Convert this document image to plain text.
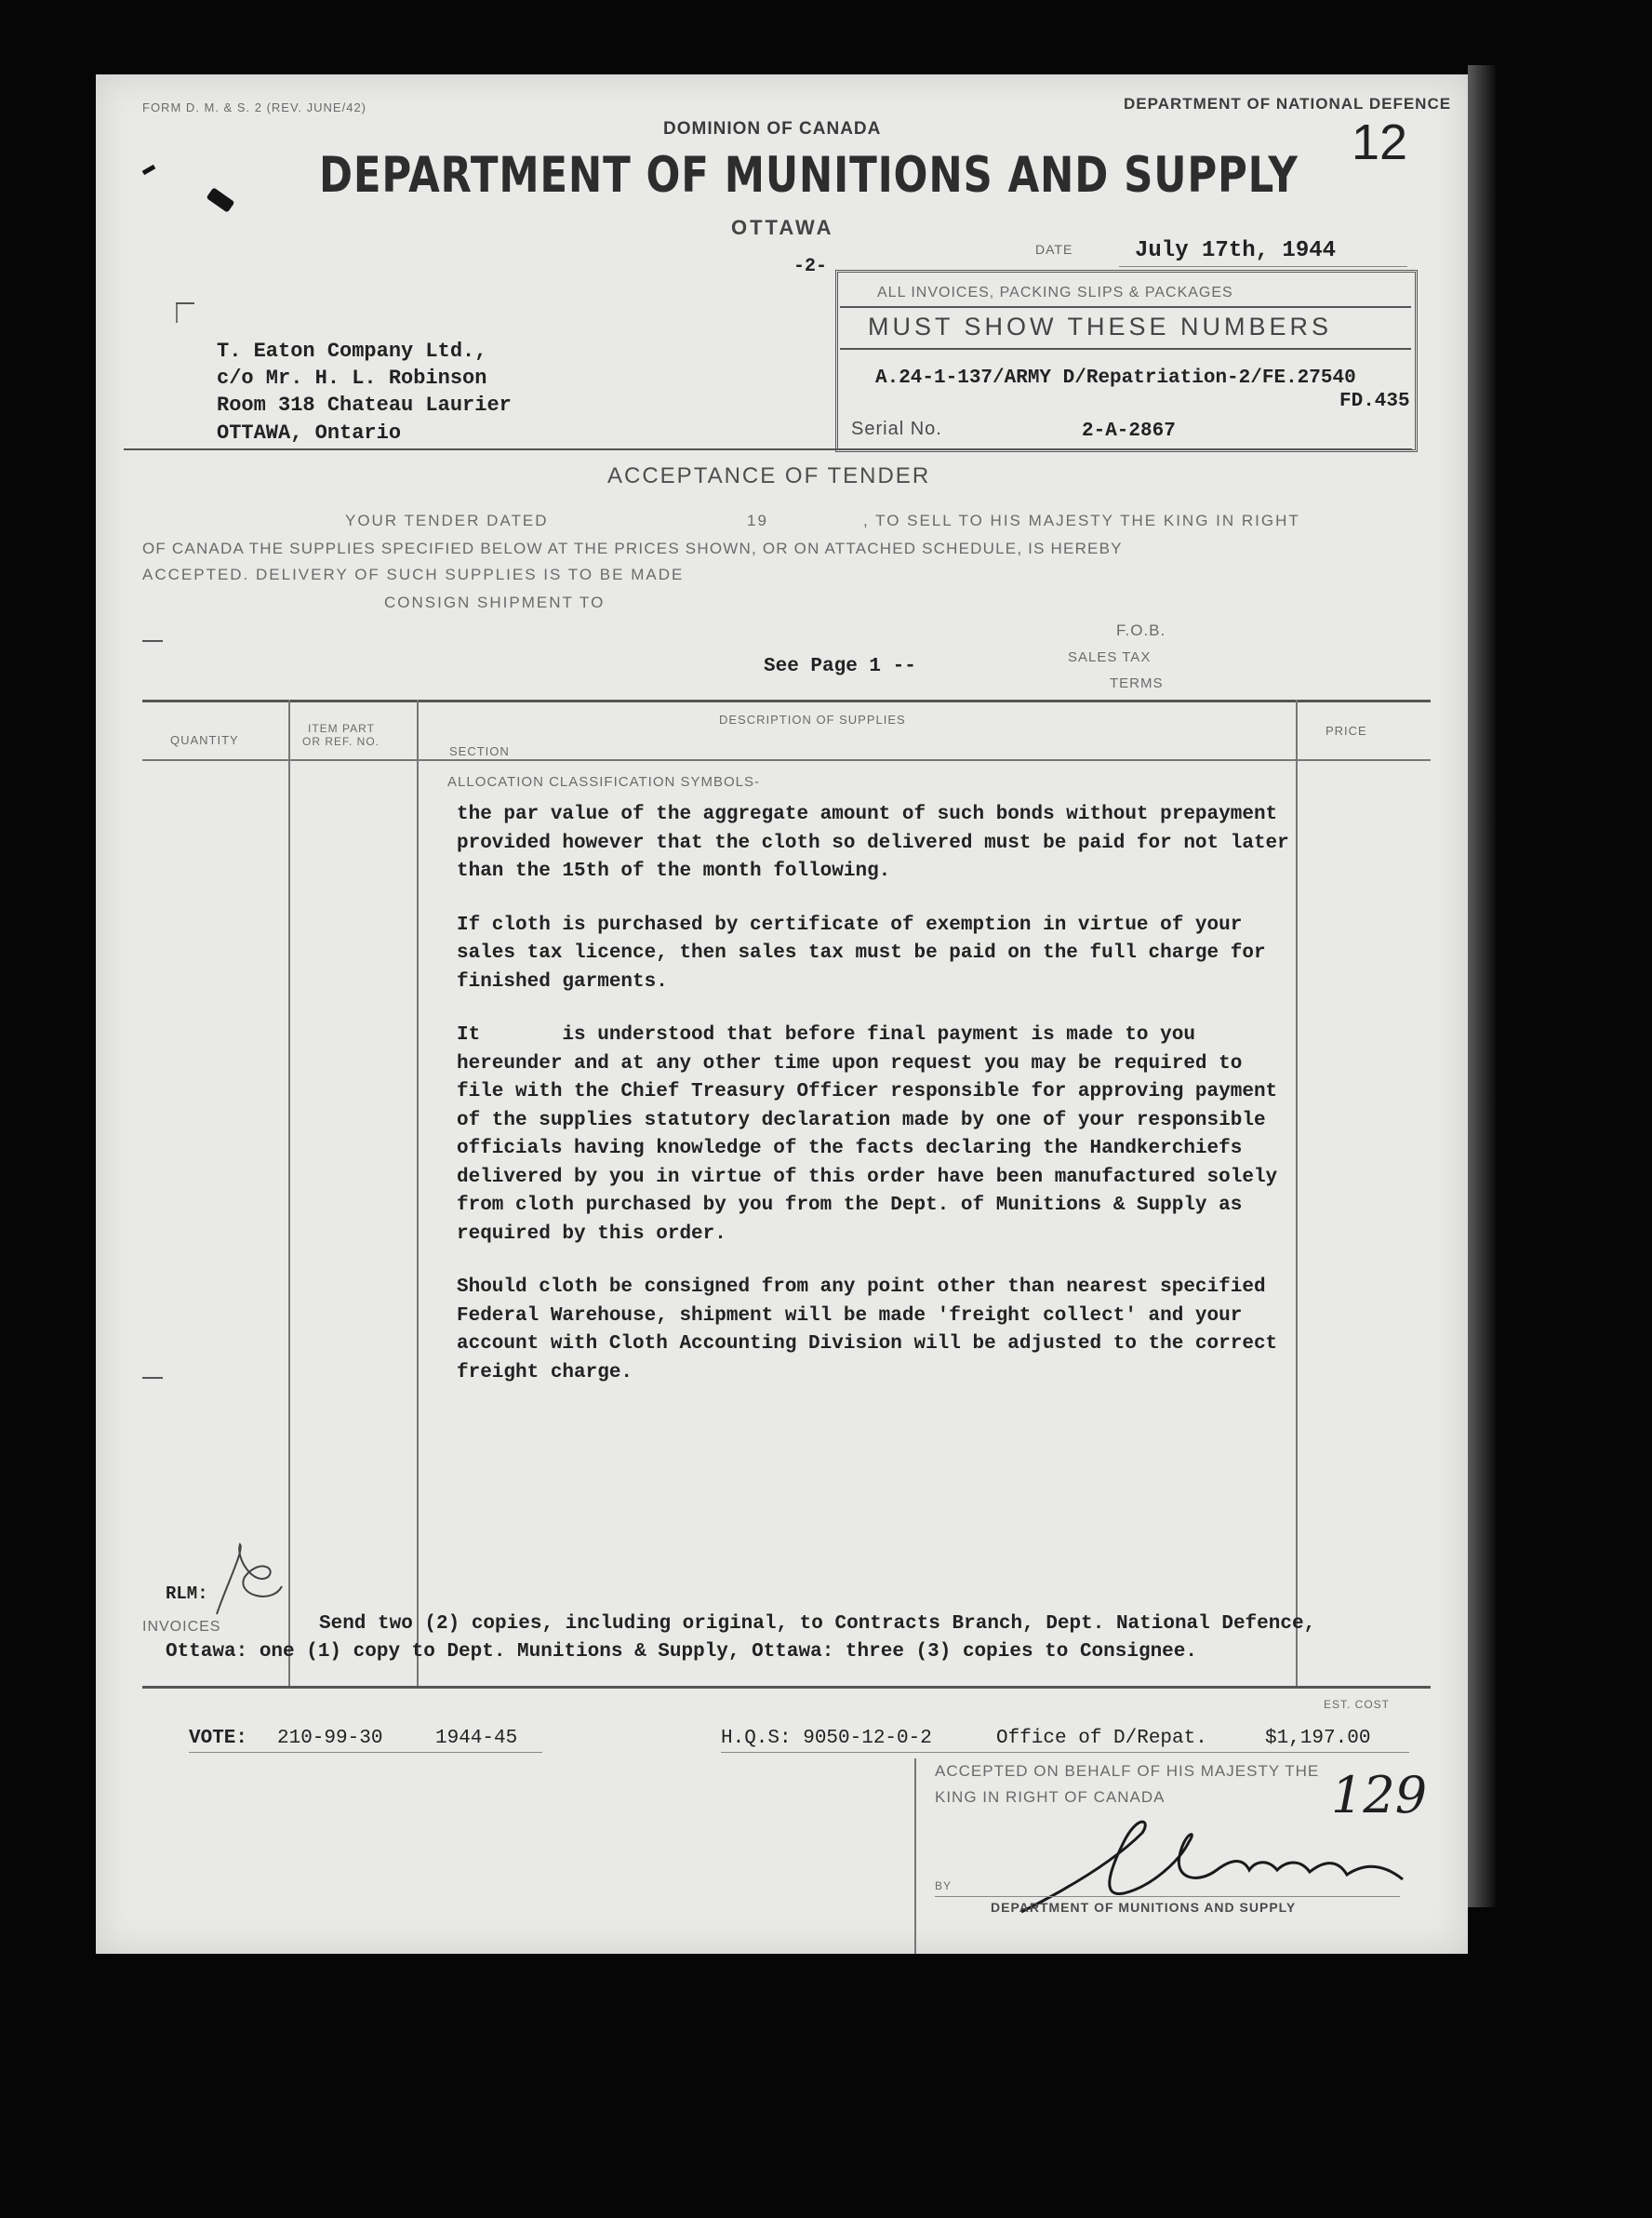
FORM D. M. & S. 2 (REV. JUNE/42)	DEPARTMENT OF NATIONAL DEFENCE
12
DOMINION OF CANADA
DEPARTMENT OF MUNITIONS AND SUPPLY
OTTAWA
-2-
DATE	July 17th, 1944
ALL INVOICES, PACKING SLIPS & PACKAGES
MUST SHOW THESE NUMBERS
A.24-1-137/ARMY D/Repatriation-2/FE.27540
FD.435
Serial No.	2-A-2867
T. Eaton Company Ltd.,
c/o Mr. H. L. Robinson
Room 318 Chateau Laurier
OTTAWA, Ontario
ACCEPTANCE OF TENDER
YOUR TENDER DATED	19	, TO SELL TO HIS MAJESTY THE KING IN RIGHT
OF CANADA THE SUPPLIES SPECIFIED BELOW AT THE PRICES SHOWN, OR ON ATTACHED SCHEDULE, IS HEREBY
ACCEPTED. DELIVERY OF SUCH SUPPLIES IS TO BE MADE
CONSIGN SHIPMENT TO
F.O.B.
SALES TAX
TERMS
See Page 1 --
QUANTITY
ITEM PART
OR REF. NO.
DESCRIPTION OF SUPPLIES
SECTION
PRICE
ALLOCATION CLASSIFICATION SYMBOLS-

the par value of the aggregate amount of such bonds without prepayment provided however that the cloth so delivered must be paid for not later than the 15th of the month following.

If cloth is purchased by certificate of exemption in virtue of your sales tax licence, then sales tax must be paid on the full charge for finished garments.

It       is understood that before final payment is made to you hereunder and at any other time upon request you may be required to file with the Chief Treasury Officer responsible for approving payment of the supplies statutory declaration made by one of your responsible officials having knowledge of the facts declaring the Handkerchiefs delivered by you in virtue of this order have been manufactured solely from cloth purchased by you from the Dept. of Munitions & Supply as required by this order.

Should cloth be consigned from any point other than nearest specified Federal Warehouse, shipment will be made 'freight collect' and your account with Cloth Accounting Division will be adjusted to the correct freight charge.

RLM:
INVOICES	Send two (2) copies, including original, to Contracts Branch, Dept. National Defence,
Ottawa: one (1) copy to Dept. Munitions & Supply, Ottawa: three (3) copies to Consignee.
VOTE: 210-99-30	1944-45	H.Q.S: 9050-12-0-2	Office of D/Repat.
EST. COST
$1,197.00
ACCEPTED ON BEHALF OF HIS MAJESTY THE
KING IN RIGHT OF CANADA	129
BY
DEPARTMENT OF MUNITIONS AND SUPPLY
